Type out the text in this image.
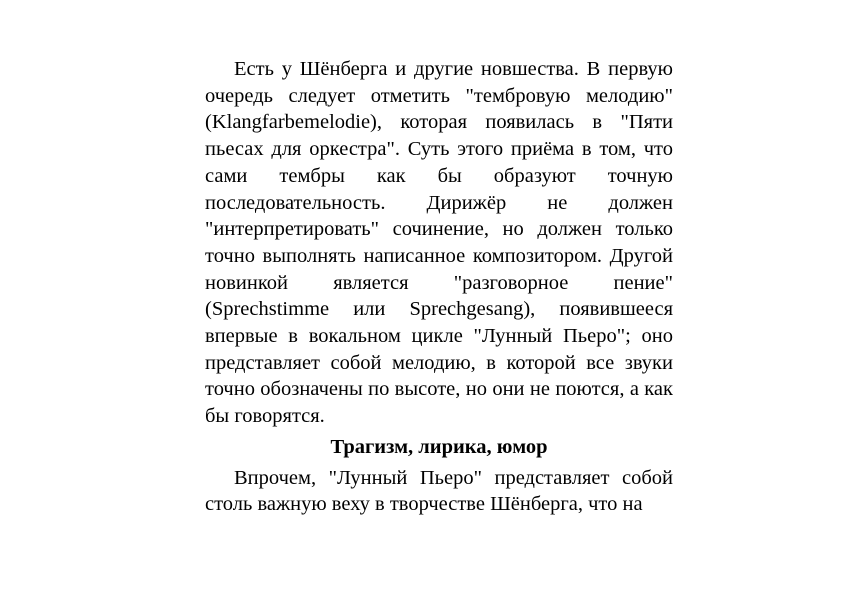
Есть у Шёнберга и другие новшества. В первую очередь следует отметить "тембровую мелодию" (Klangfarbemelodie), которая появилась в "Пяти пьесах для оркестра". Суть этого приёма в том, что сами тембры как бы образуют точную последовательность. Дирижёр не должен "интерпретировать" сочинение, но должен только точно выполнять написанное композитором. Другой новинкой является "разговорное пение" (Sprechstimme или Sprechgesang), появившееся впервые в вокальном цикле "Лунный Пьеро"; оно представляет собой мелодию, в которой все звуки точно обозначены по высоте, но они не поются, а как бы говорятся.

Трагизм, лирика, юмор

Впрочем, "Лунный Пьеро" представляет собой столь важную веху в творчестве Шёнберга, что на
